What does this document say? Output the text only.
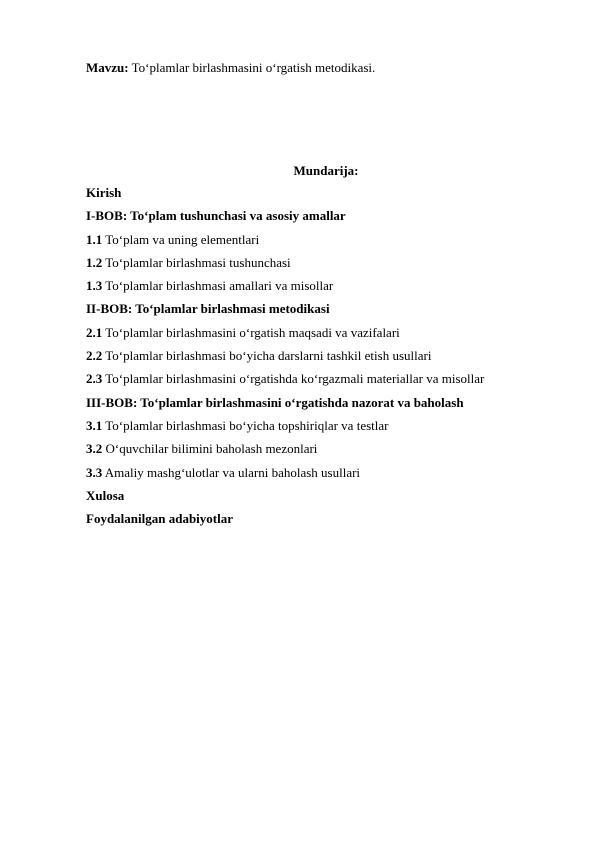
Mavzu: To‘plamlar birlashmasini o‘rgatish metodikasi.
Mundarija:
Kirish
I-BOB: To‘plam tushunchasi va asosiy amallar
1.1 To‘plam va uning elementlari
1.2 To‘plamlar birlashmasi tushunchasi
1.3 To‘plamlar birlashmasi amallari va misollar
II-BOB: To‘plamlar birlashmasi metodikasi
2.1 To‘plamlar birlashmasini o‘rgatish maqsadi va vazifalari
2.2 To‘plamlar birlashmasi bo‘yicha darslarni tashkil etish usullari
2.3 To‘plamlar birlashmasini o‘rgatishda ko‘rgazmali materiallar va misollar
III-BOB: To‘plamlar birlashmasini o‘rgatishda nazorat va baholash
3.1 To‘plamlar birlashmasi bo‘yicha topshiriqlar va testlar
3.2 O‘quvchilar bilimini baholash mezonlari
3.3 Amaliy mashg‘ulotlar va ularni baholash usullari
Xulosa
Foydalanilgan adabiyotlar
